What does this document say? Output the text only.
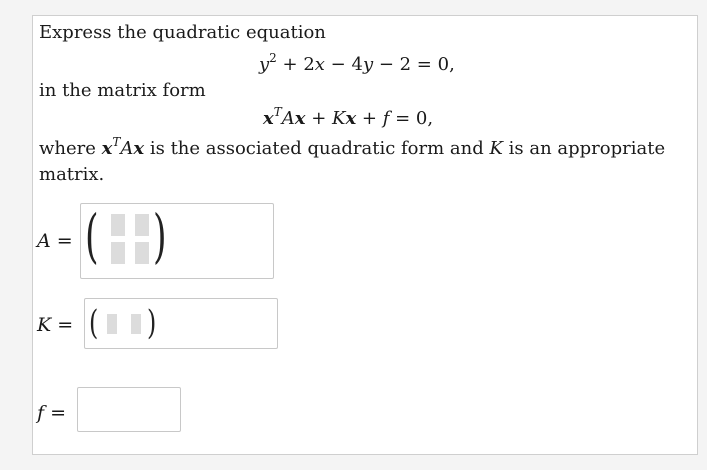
Express the quadratic equation
$y^2 + 2x - 4y - 2 = 0$,
in the matrix form
$x^TAx + Kx + f = 0$,
where $x^TAx$ is the associated quadratic form and K is an appropriate
matrix.
A = ( )
K = ( )
f =
